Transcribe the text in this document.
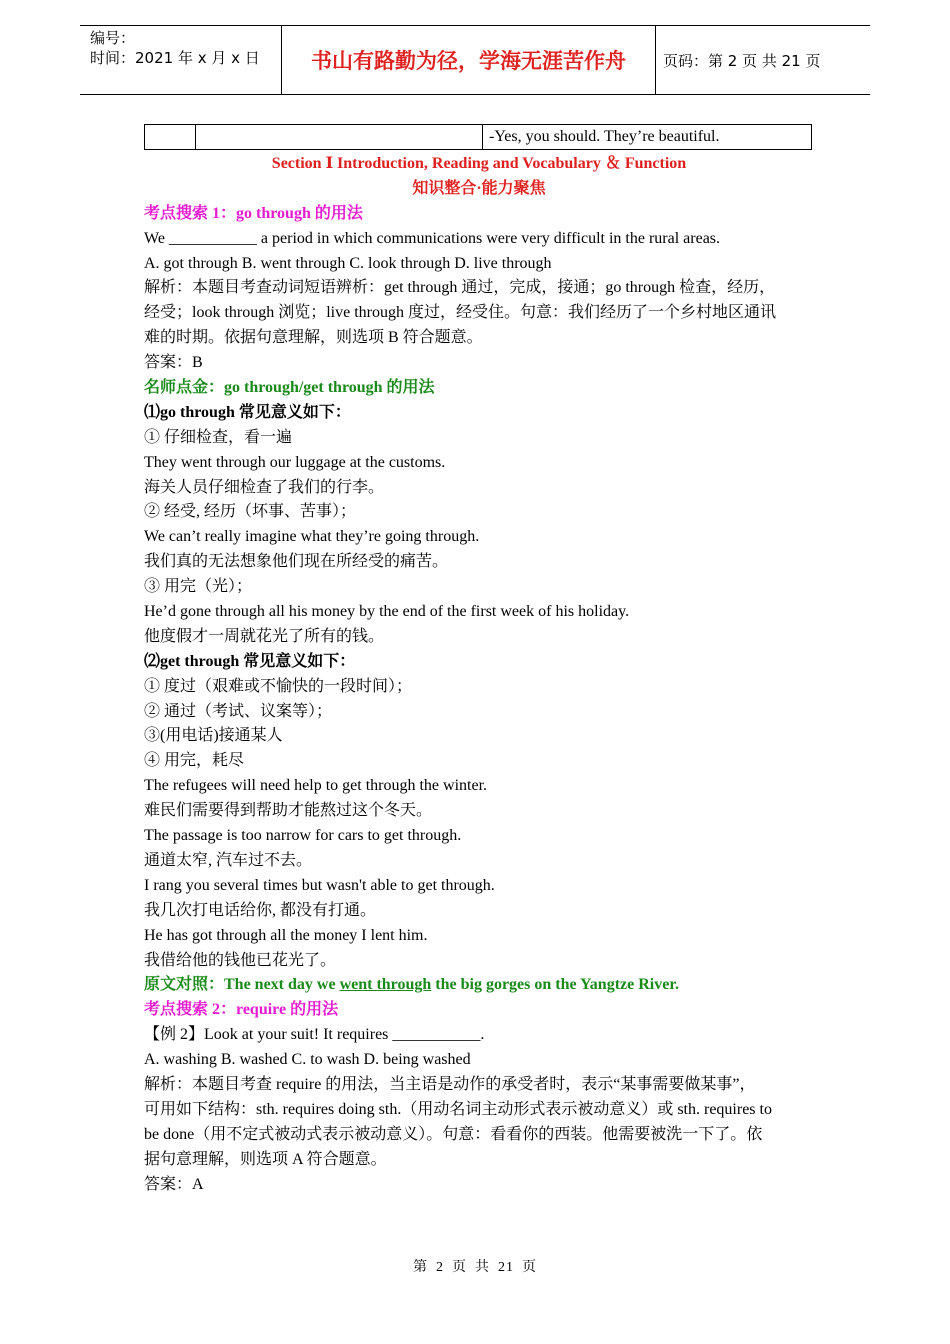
编号：
时间：2021 年 x 月 x 日	书山有路勤为径，学海无涯苦作舟	页码：第 2 页 共 21 页
		-Yes, you should. They’re beautiful.
Section Ⅰ Introduction, Reading and Vocabulary ＆ Function
知识整合·能力聚焦
考点搜索 1：go through 的用法
We ___________ a period in which communications were very difficult in the rural areas.
A. got through B. went through C. look through D. live through
解析：本题目考查动词短语辨析：get through 通过，完成，接通；go through 检查，经历，
经受；look through 浏览；live through 度过，经受住。句意：我们经历了一个乡村地区通讯
难的时期。依据句意理解，则选项 B 符合题意。
答案：B
名师点金：go through/get through 的用法
⑴go through 常见意义如下：
① 仔细检查，看一遍
They went through our luggage at the customs.
海关人员仔细检查了我们的行李。
② 经受, 经历（坏事、苦事）；
We can’t really imagine what they’re going through.
我们真的无法想象他们现在所经受的痛苦。
③ 用完（光）；
He’d gone through all his money by the end of the first week of his holiday.
他度假才一周就花光了所有的钱。
⑵get through 常见意义如下：
① 度过（艰难或不愉快的一段时间）；
② 通过（考试、议案等）；
③(用电话)接通某人
④ 用完，耗尽
The refugees will need help to get through the winter.
难民们需要得到帮助才能熬过这个冬天。
The passage is too narrow for cars to get through.
通道太窄, 汽车过不去。
I rang you several times but wasn't able to get through.
我几次打电话给你, 都没有打通。
He has got through all the money I lent him.
我借给他的钱他已花光了。
原文对照：The next day we went through the big gorges on the Yangtze River.
考点搜索 2：require 的用法
【例 2】Look at your suit! It requires ___________.
A. washing B. washed C. to wash D. being washed
解析：本题目考查 require 的用法，当主语是动作的承受者时，表示“某事需要做某事”，
可用如下结构：sth. requires doing sth.（用动名词主动形式表示被动意义）或 sth. requires to
be done（用不定式被动式表示被动意义）。句意：看看你的西装。他需要被洗一下了。依
据句意理解，则选项 A 符合题意。
答案：A
第 2 页 共 21 页
